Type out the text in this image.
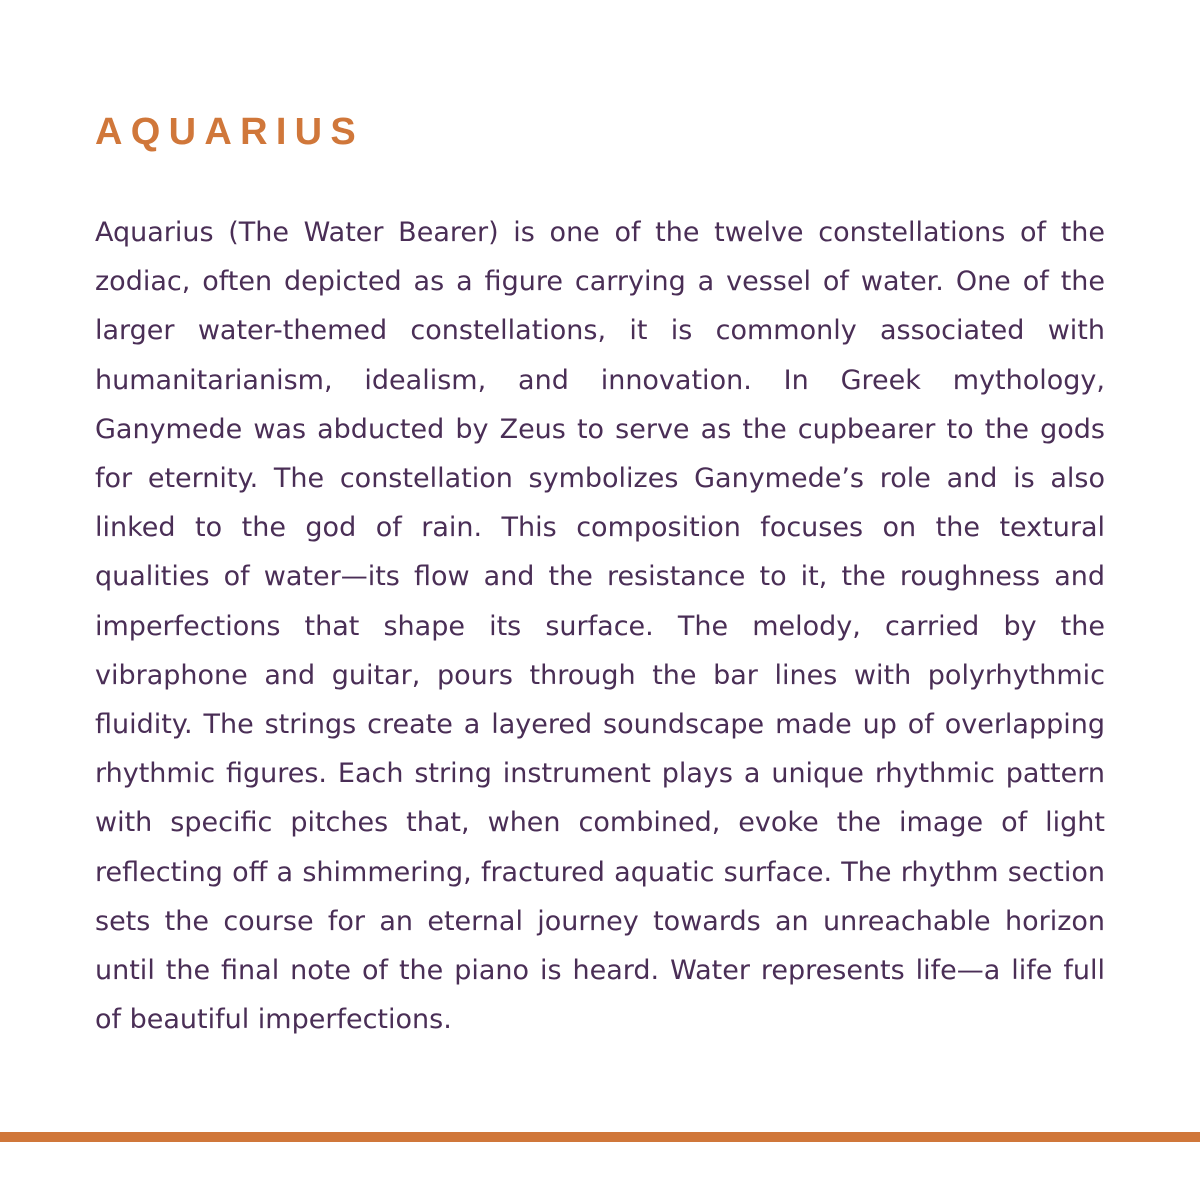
AQUARIUS

Aquarius (The Water Bearer) is one of the twelve constellations of the zodiac, often depicted as a figure carrying a vessel of water. One of the larger water-themed constellations, it is commonly associated with humanitarianism, idealism, and innovation. In Greek mythology, Ganymede was abducted by Zeus to serve as the cupbearer to the gods for eternity. The constellation symbolizes Ganymede’s role and is also linked to the god of rain. This composition focuses on the textural qualities of water—its flow and the resistance to it, the roughness and imperfections that shape its surface. The melody, carried by the vibraphone and guitar, pours through the bar lines with polyrhythmic fluidity. The strings create a layered soundscape made up of overlapping rhythmic figures. Each string instrument plays a unique rhythmic pattern with specific pitches that, when combined, evoke the image of light reflecting off a shimmering, fractured aquatic surface. The rhythm section sets the course for an eternal journey towards an unreachable horizon until the final note of the piano is heard. Water represents life—a life full of beautiful imperfections.
